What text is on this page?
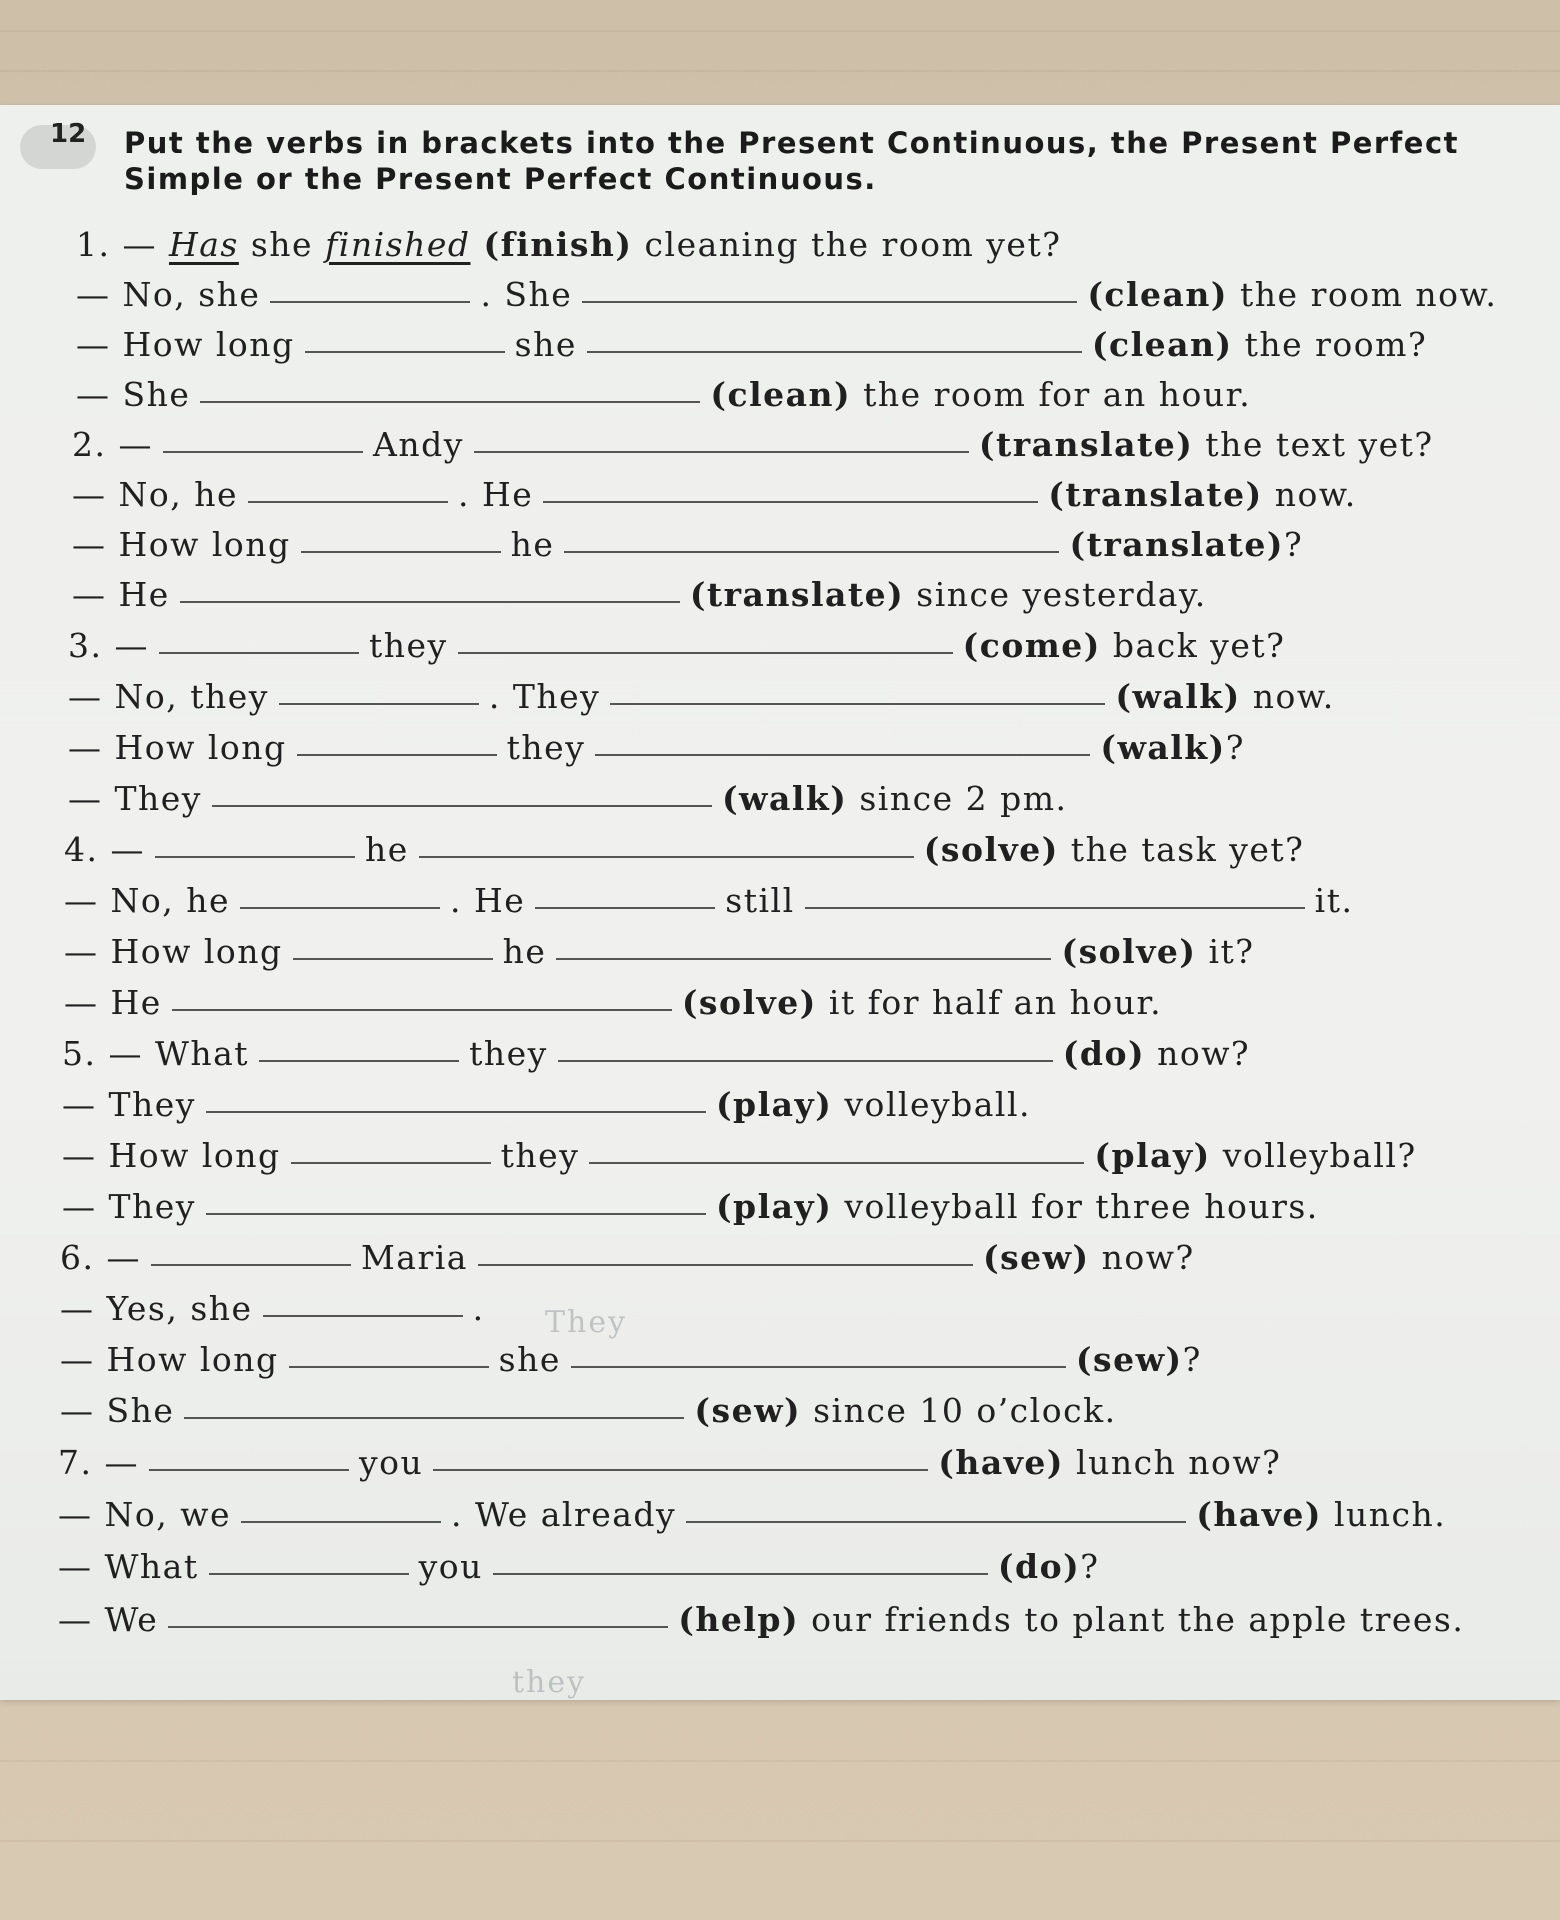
12 Put the verbs in brackets into the Present Continuous, the Present Perfect
Simple or the Present Perfect Continuous.
1. — Has she finished (finish) cleaning the room yet?
— No, she	. She	(clean) the room now.
— How long	she	(clean) the room?
— She	(clean) the room for an hour.
2. —	Andy	(translate) the text yet?
— No, he	. He	(translate) now.
— How long	he	(translate) ?
— He	(translate) since yesterday.
3. —	they	(come) back yet?
— No, they	. They	(walk) now.
— How long	they	(walk) ?
— They	(walk) since 2 pm.
4. —	he	(solve) the task yet?
— No, he	. He	still	it.
— How long	he	(solve) it?
— He	(solve) it for half an hour.
5. — What	they	(do) now?
— They	(play) volleyball.
— How long	they	(play) volleyball?
— They	(play) volleyball for three hours.
6. —	Maria	(sew) now?
— Yes, she	.
— How long	she	(sew) ?
— She	(sew) since 10 o’clock.
7. —	you	(have) lunch now?
— No, we	. We already	(have) lunch.
— What	you	(do) ?
— We	(help) our friends to plant the apple trees.
They
they
